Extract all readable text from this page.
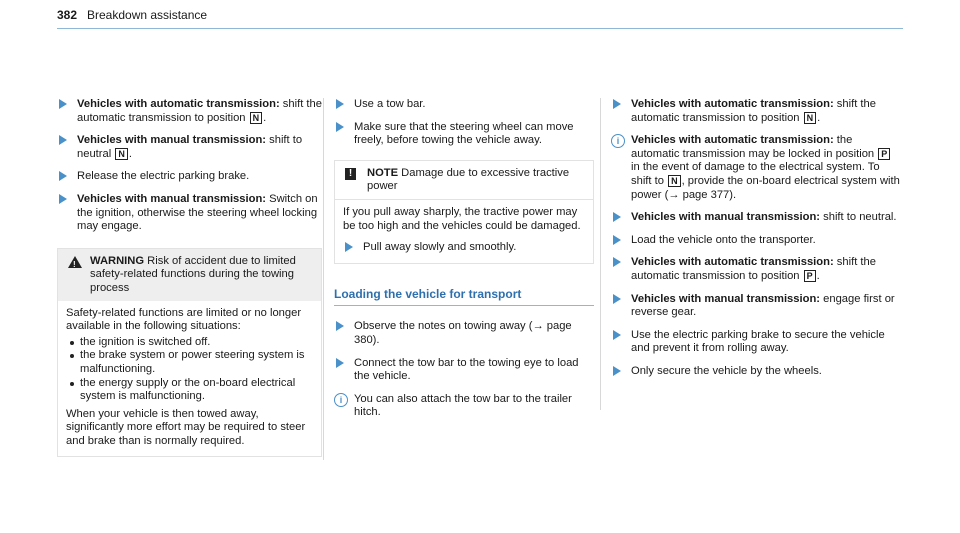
382 Breakdown assistance
Vehicles with automatic transmission: shift the automatic transmission to position N .
Vehicles with manual transmission: shift to neutral N .
Release the electric parking brake.
Vehicles with manual transmission: Switch on the ignition, otherwise the steering wheel locking may engage.
! WARNING Risk of accident due to limited safety-related functions during the towing process
Safety-related functions are limited or no longer available in the following situations:
the ignition is switched off.
the brake system or power steering system is malfunctioning.
the energy supply or the on-board electrical system is malfunctioning.
When your vehicle is then towed away, significantly more effort may be required to steer and brake than is normally required.
Use a tow bar.
Make sure that the steering wheel can move freely, before towing the vehicle away.
!	NOTE Damage due to excessive tractive power
If you pull away sharply, the tractive power may be too high and the vehicles could be damaged.
Pull away slowly and smoothly.
Loading the vehicle for transport
Observe the notes on towing away (→ page 380).
Connect the tow bar to the towing eye to load the vehicle.
i	You can also attach the tow bar to the trailer hitch.
Vehicles with automatic transmission: shift the automatic transmission to position N .
i	Vehicles with automatic transmission: the automatic transmission may be locked in position P in the event of damage to the electrical system. To shift to N , provide the on-board electrical system with power (→ page 377).
Vehicles with manual transmission: shift to neutral.
Load the vehicle onto the transporter.
Vehicles with automatic transmission: shift the automatic transmission to position P .
Vehicles with manual transmission: engage first or reverse gear.
Use the electric parking brake to secure the vehicle and prevent it from rolling away.
Only secure the vehicle by the wheels.
